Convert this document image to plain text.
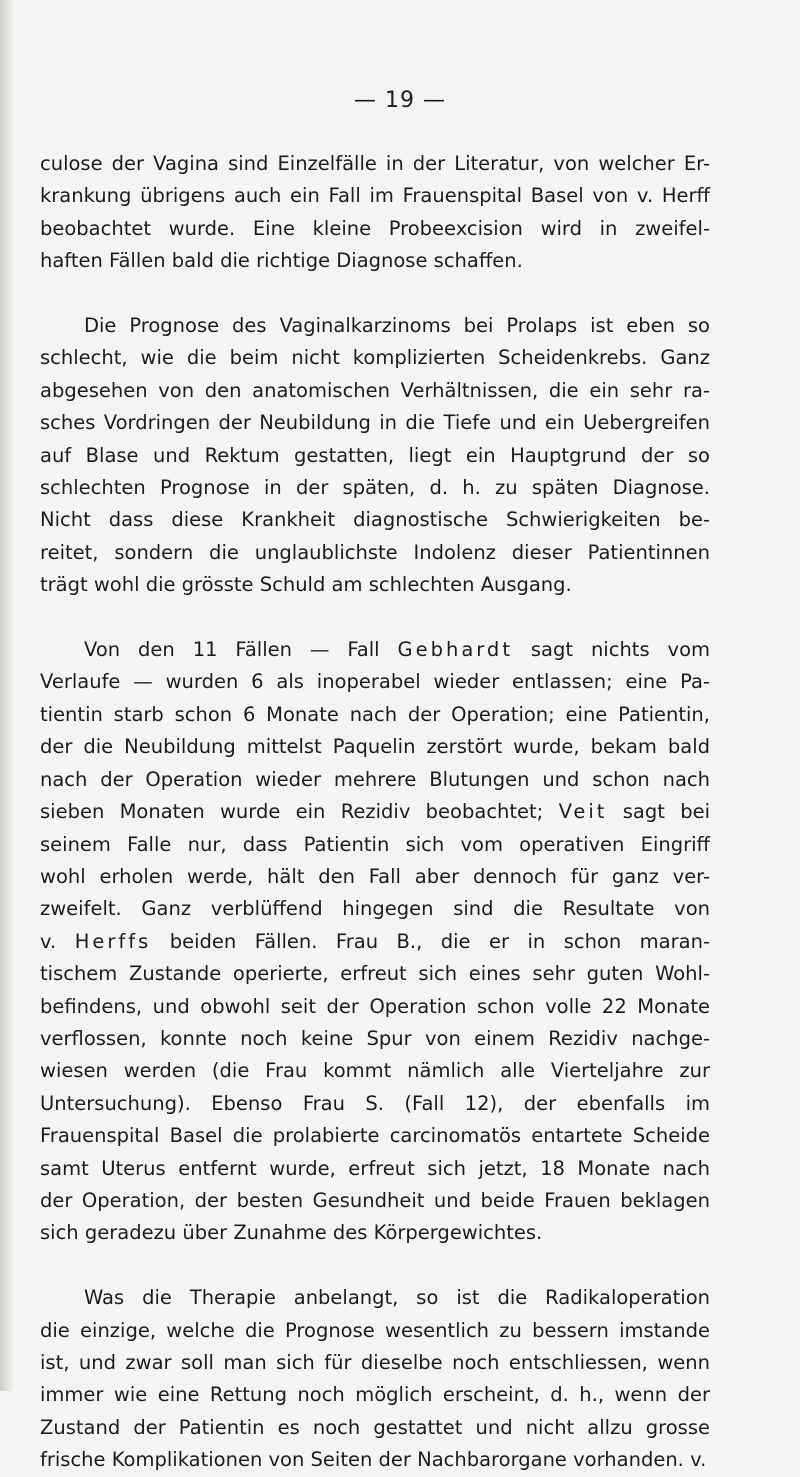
— 19 —

culose der Vagina sind Einzelfälle in der Literatur, von welcher Er-
krankung übrigens auch ein Fall im Frauenspital Basel von v. Herff
beobachtet wurde. Eine kleine Probeexcision wird in zweifel-
haften Fällen bald die richtige Diagnose schaffen.

Die Prognose des Vaginalkarzinoms bei Prolaps ist eben so
schlecht, wie die beim nicht komplizierten Scheidenkrebs. Ganz
abgesehen von den anatomischen Verhältnissen, die ein sehr ra-
sches Vordringen der Neubildung in die Tiefe und ein Uebergreifen
auf Blase und Rektum gestatten, liegt ein Hauptgrund der so
schlechten Prognose in der späten, d. h. zu späten Diagnose.
Nicht dass diese Krankheit diagnostische Schwierigkeiten be-
reitet, sondern die unglaublichste Indolenz dieser Patientinnen
trägt wohl die grösste Schuld am schlechten Ausgang.

Von den 11 Fällen — Fall Gebhardt sagt nichts vom
Verlaufe — wurden 6 als inoperabel wieder entlassen; eine Pa-
tientin starb schon 6 Monate nach der Operation; eine Patientin,
der die Neubildung mittelst Paquelin zerstört wurde, bekam bald
nach der Operation wieder mehrere Blutungen und schon nach
sieben Monaten wurde ein Rezidiv beobachtet; Veit sagt bei
seinem Falle nur, dass Patientin sich vom operativen Eingriff
wohl erholen werde, hält den Fall aber dennoch für ganz ver-
zweifelt. Ganz verblüffend hingegen sind die Resultate von
v. Herffs beiden Fällen. Frau B., die er in schon maran-
tischem Zustande operierte, erfreut sich eines sehr guten Wohl-
befindens, und obwohl seit der Operation schon volle 22 Monate
verflossen, konnte noch keine Spur von einem Rezidiv nachge-
wiesen werden (die Frau kommt nämlich alle Vierteljahre zur
Untersuchung). Ebenso Frau S. (Fall 12), der ebenfalls im
Frauenspital Basel die prolabierte carcinomatös entartete Scheide
samt Uterus entfernt wurde, erfreut sich jetzt, 18 Monate nach
der Operation, der besten Gesundheit und beide Frauen beklagen
sich geradezu über Zunahme des Körpergewichtes.

Was die Therapie anbelangt, so ist die Radikaloperation
die einzige, welche die Prognose wesentlich zu bessern imstande
ist, und zwar soll man sich für dieselbe noch entschliessen, wenn
immer wie eine Rettung noch möglich erscheint, d. h., wenn der
Zustand der Patientin es noch gestattet und nicht allzu grosse
frische Komplikationen von Seiten der Nachbarorgane vorhanden. v.
